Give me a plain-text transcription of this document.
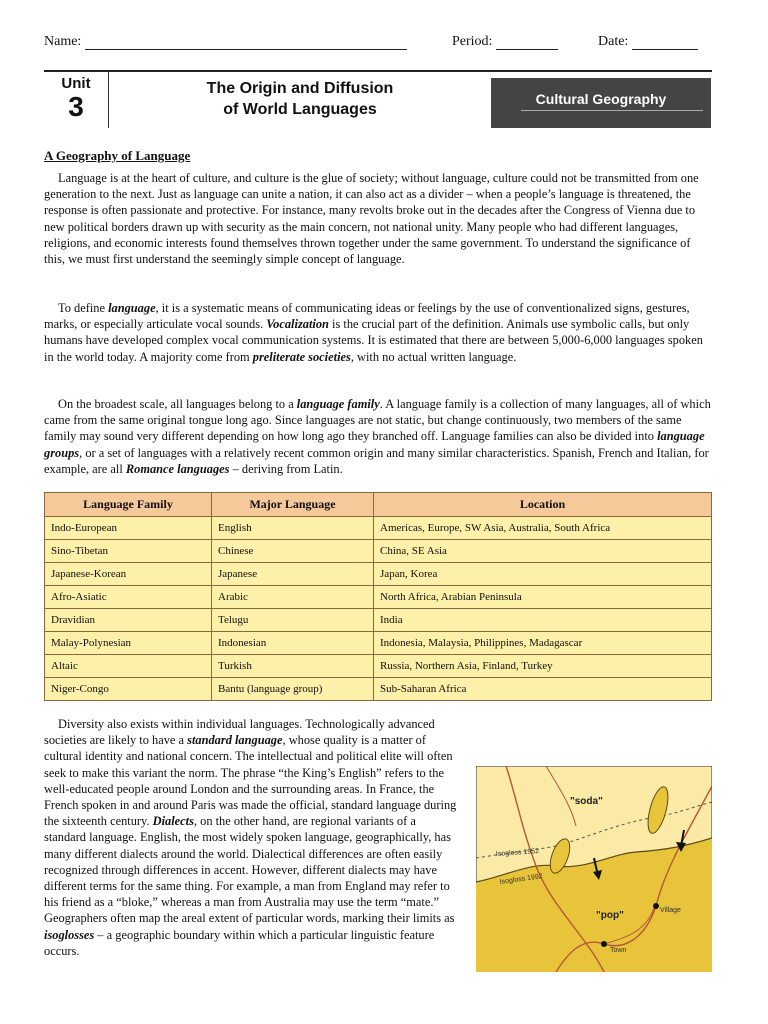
Name:	Period:	Date:
Unit
3
The Origin and Diffusion
of World Languages
Cultural Geography
A Geography of Language

Language is at the heart of culture, and culture is the glue of society; without language, culture could not be transmitted from one generation to the next. Just as language can unite a nation, it can also act as a divider – when a people’s language is threatened, the response is often passionate and protective. For instance, many revolts broke out in the decades after the Congress of Vienna due to new political borders drawn up with security as the main concern, not national unity. Many people who had different languages, religions, and economic interests found themselves thrown together under the same government. To understand the significance of this, we must first understand the seemingly simple concept of language.

To define language, it is a systematic means of communicating ideas or feelings by the use of conventionalized signs, gestures, marks, or especially articulate vocal sounds. Vocalization is the crucial part of the definition. Animals use symbolic calls, but only humans have developed complex vocal communication systems. It is estimated that there are between 5,000-6,000 languages spoken in the world today. A majority come from preliterate societies, with no actual written language.

On the broadest scale, all languages belong to a language family. A language family is a collection of many languages, all of which came from the same original tongue long ago. Since languages are not static, but change continuously, two members of the same family may sound very different depending on how long ago they branched off. Language families can also be divided into language groups, or a set of languages with a relatively recent common origin and many similar characteristics. Spanish, French and Italian, for example, are all Romance languages – deriving from Latin.

Language Family	Major Language	Location
Indo-European	English	Americas, Europe, SW Asia, Australia, South Africa
Sino-Tibetan	Chinese	China, SE Asia
Japanese-Korean	Japanese	Japan, Korea
Afro-Asiatic	Arabic	North Africa, Arabian Peninsula
Dravidian	Telugu	India
Malay-Polynesian	Indonesian	Indonesia, Malaysia, Philippines, Madagascar
Altaic	Turkish	Russia, Northern Asia, Finland, Turkey
Niger-Congo	Bantu (language group)	Sub-Saharan Africa

Diversity also exists within individual languages. Technologically advanced societies are likely to have a standard language, whose quality is a matter of cultural identity and national concern. The intellectual and political elite will often seek to make this variant the norm. The phrase “the King’s English” refers to the well-educated people around London and the surrounding areas. In France, the French spoken in and around Paris was made the official, standard language during the sixteenth century. Dialects, on the other hand, are regional variants of a standard language. English, the most widely spoken language, geographically, has many different dialects around the world. Dialectical differences are often easily recognized through differences in accent. However, different dialects may have different terms for the same thing. For example, a man from England may refer to his friend as a “bloke,” whereas a man from Australia may use the term “mate.” Geographers often map the areal extent of particular words, marking their limits as isoglosses – a geographic boundary within which a particular linguistic feature occurs.

"soda"
"pop"
Isogloss 1952
Isogloss 1992
Village
Town
